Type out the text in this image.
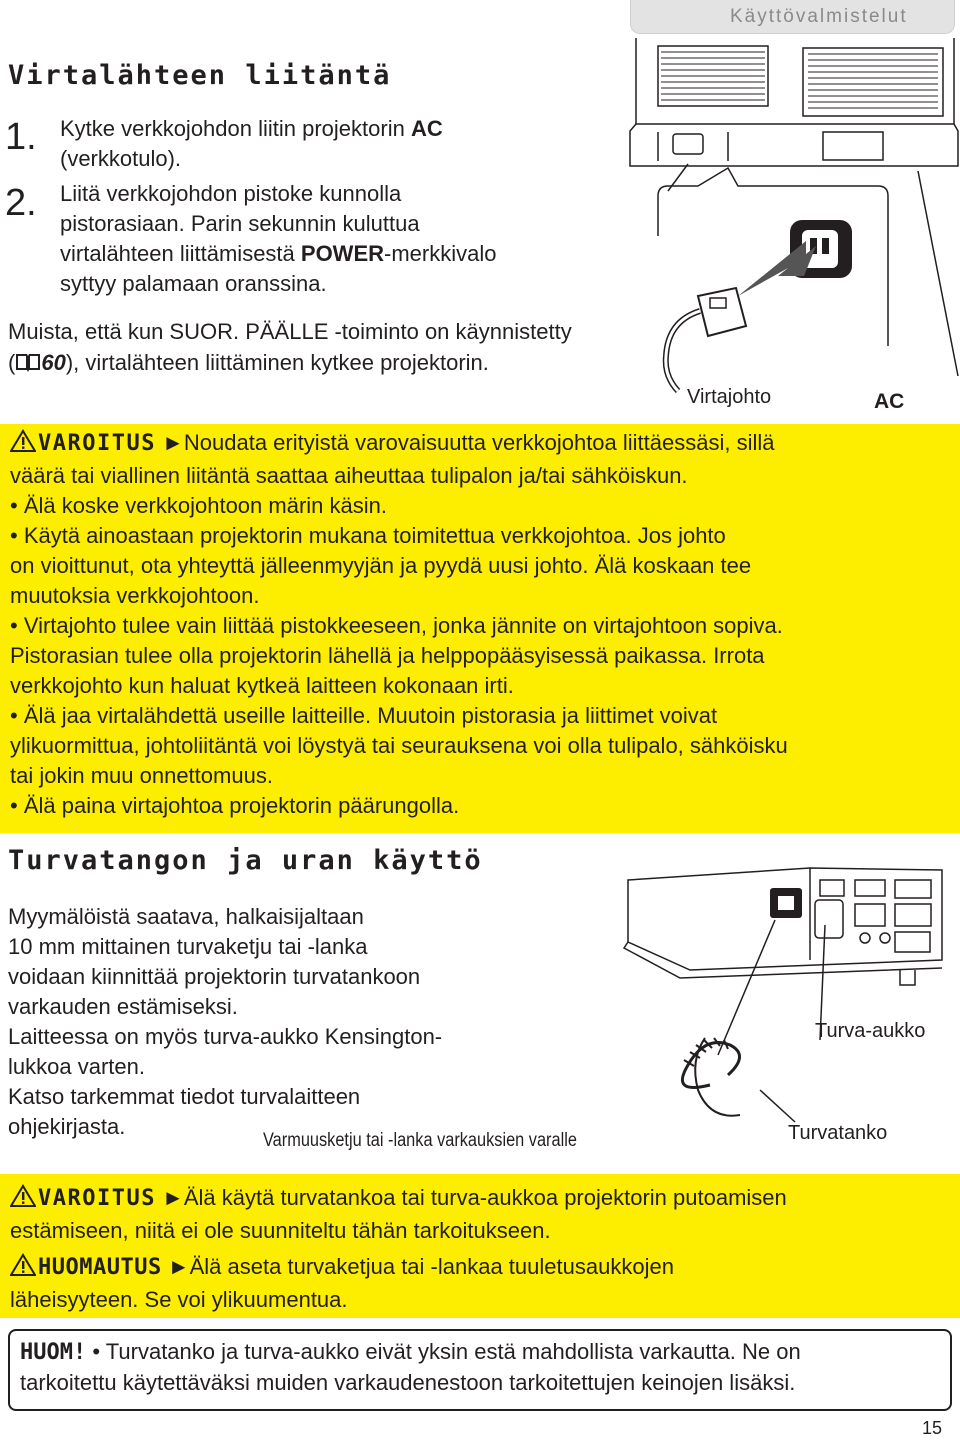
Käyttövalmistelut
Virtalähteen liitäntä
1. Kytke verkkojohdon liitin projektorin AC
(verkkotulo).
2. Liitä verkkojohdon pistoke kunnolla
pistorasiaan. Parin sekunnin kuluttua
virtalähteen liittämisestä POWER-merkkivalo
syttyy palamaan oranssina.
Muista, että kun SUOR. PÄÄLLE -toiminto on käynnistetty
( 60), virtalähteen liittäminen kytkee projektorin.
Virtajohto	AC
VAROITUS ►Noudata erityistä varovaisuutta verkkojohtoa liittäessäsi, sillä
väärä tai viallinen liitäntä saattaa aiheuttaa tulipalon ja/tai sähköiskun.
• Älä koske verkkojohtoon märin käsin.
• Käytä ainoastaan projektorin mukana toimitettua verkkojohtoa. Jos johto
on vioittunut, ota yhteyttä jälleenmyyjän ja pyydä uusi johto. Älä koskaan tee
muutoksia verkkojohtoon.
• Virtajohto tulee vain liittää pistokkeeseen, jonka jännite on virtajohtoon sopiva.
Pistorasian tulee olla projektorin lähellä ja helppopääsyisessä paikassa. Irrota
verkkojohto kun haluat kytkeä laitteen kokonaan irti.
• Älä jaa virtalähdettä useille laitteille. Muutoin pistorasia ja liittimet voivat
ylikuormittua, johtoliitäntä voi löystyä tai seurauksena voi olla tulipalo, sähköisku
tai jokin muu onnettomuus.
• Älä paina virtajohtoa projektorin päärungolla.
Turvatangon ja uran käyttö
Myymälöistä saatava, halkaisijaltaan
10 mm mittainen turvaketju tai -lanka
voidaan kiinnittää projektorin turvatankoon
varkauden estämiseksi.
Laitteessa on myös turva-aukko Kensington-
lukkoa varten.
Katso tarkemmat tiedot turvalaitteen
ohjekirjasta.
Turva-aukko
Turvatanko
Varmuusketju tai -lanka varkauksien varalle
VAROITUS ►Älä käytä turvatankoa tai turva-aukkoa projektorin putoamisen
estämiseen, niitä ei ole suunniteltu tähän tarkoitukseen.
HUOMAUTUS ►Älä aseta turvaketjua tai -lankaa tuuletusaukkojen
läheisyyteen. Se voi ylikuumentua.
HUOM! • Turvatanko ja turva-aukko eivät yksin estä mahdollista varkautta. Ne on
tarkoitettu käytettäväksi muiden varkaudenestoon tarkoitettujen keinojen lisäksi.
15
